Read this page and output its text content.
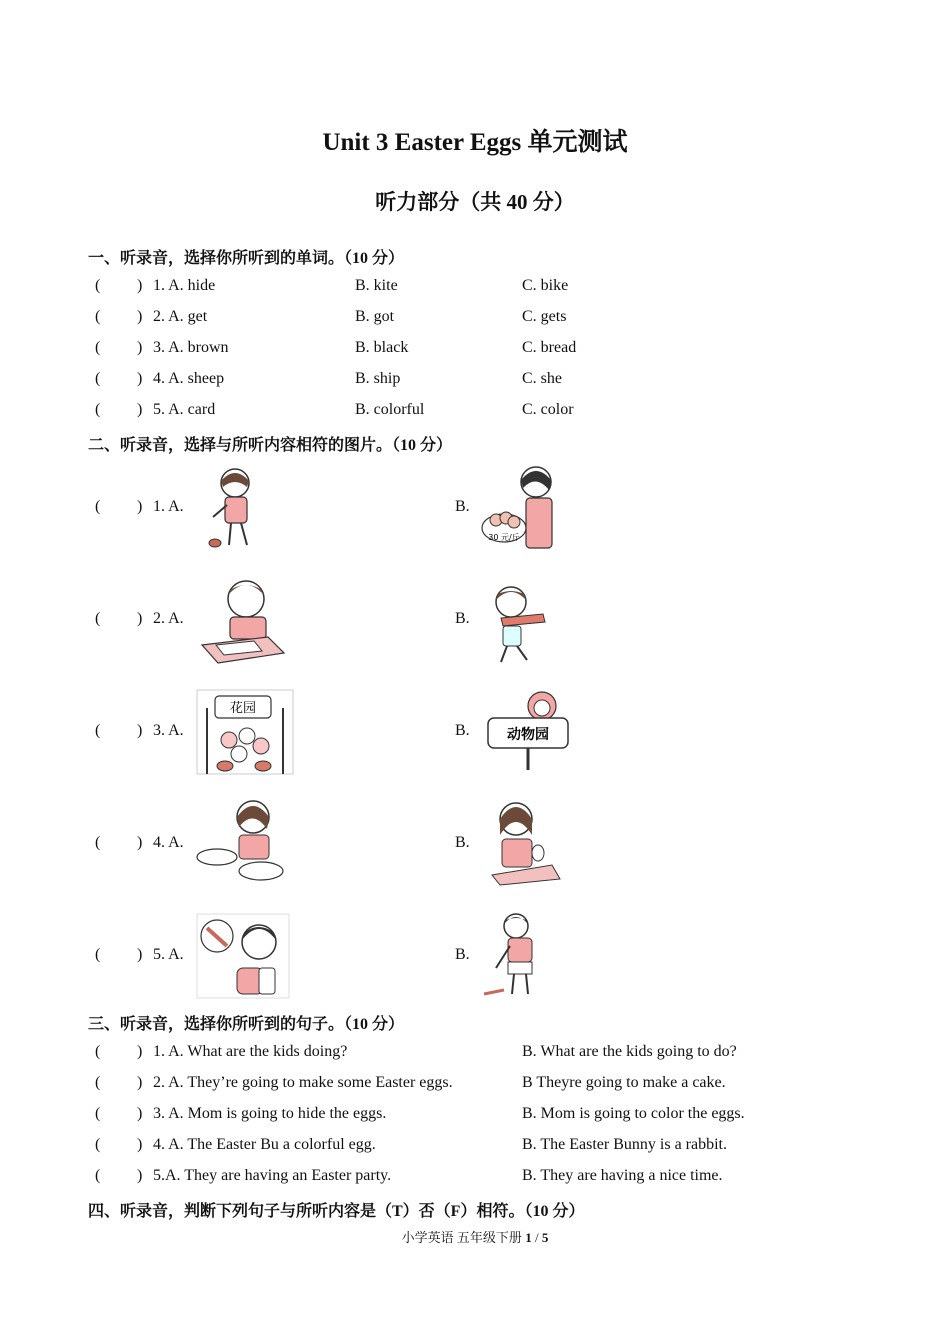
Unit 3 Easter Eggs 单元测试
听力部分（共 40 分）
一、听录音，选择你所听到的单词。（10 分）
( ) 1. A. hide	B. kite	C. bike
( ) 2. A. get	B. got	C. gets
( ) 3. A. brown	B. black	C. bread
( ) 4. A. sheep	B. ship	C. she
( ) 5. A. card	B. colorful	C. color
二、听录音，选择与所听内容相符的图片。（10 分）
( ) 1. A.	B.
30 元/斤
( ) 2. A.	B.
( ) 3. A.	B.
花园
动物园
( ) 4. A.	B.
( ) 5. A.	B.
三、听录音，选择你所听到的句子。（10 分）
( ) 1. A. What are the kids doing?	B. What are the kids going to do?
( ) 2. A. They’re going to make some Easter eggs.	B Theyre going to make a cake.
( ) 3. A. Mom is going to hide the eggs.	B. Mom is going to color the eggs.
( ) 4. A. The Easter Bu a colorful egg.	B. The Easter Bunny is a rabbit.
( ) 5.A. They are having an Easter party.	B. They are having a nice time.
四、听录音，判断下列句子与所听内容是（T）否（F）相符。（10 分）
小学英语 五年级下册 1 / 5
